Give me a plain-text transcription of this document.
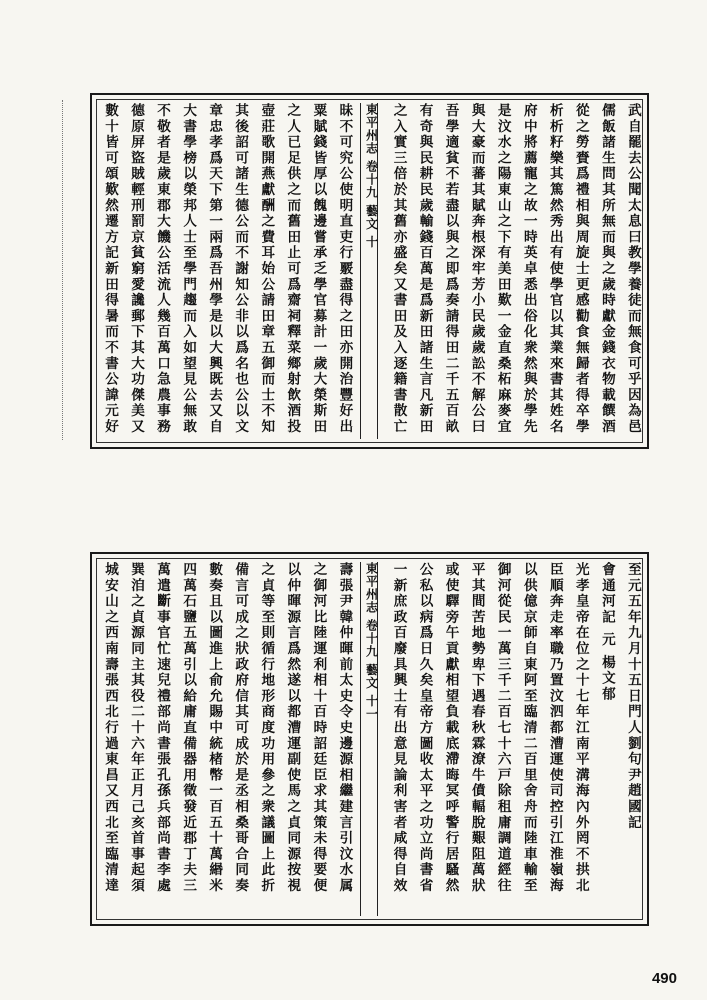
武自罷去公聞太息曰教學養徒而無食可乎因為邑
儒飯諸生問其所無而與之歲時獻金錢衣物載饌酒
從之勞賚爲禮相與周旋士更感勸食無歸者得卒學
析析籽樂其篤然秀出有使學官以其業來書其姓名
府中將薦寵之故一時英卓悉出俗化衆然與於學先
是汶水之陽東山之下有美田歎一金直桑柘麻麥宜
與大豪而蕃其賦奔根深牢芳小民歲歲訟不解公曰
吾學適貧不若盡以與之即爲奏請得田二千五百畝
有奇與民耕民歲輸錢百萬是爲新田諸生言凡新田
之入實三倍於其舊亦盛矣又書田及入逐籍書散亡
東平州志 卷十九 藝文 十
昧不可究公使明直吏行覈盡得之田亦開治豐好出
粟賦錢皆厚以餽邊嘗承乏學官募計一歲大榮斯田
之人已足供之而舊田止可爲齋祠釋菜鄉射飲酒投
壺莊歌開燕獻酬之費耳始公請田章五御而士不知
其後詔可諸生德公而不謝知公非以爲名也公以文
章忠孝爲天下第一兩爲吾州學是以大興既去又自
大書學榜以榮邦人士至學門趨而入如望見公無敢
不敬者是歲東郡大饑公活流人幾百萬口急農事務
德原屏盜賊輕刑罰京貧窮愛讒郵下其大功傑美又
數十皆可頌歎然遷方記新田得暑而不書公諱元好
至元五年九月十五日門人劉句尹趙國記
會通河記 元 楊文郁
光孝皇帝在位之十七年江南平溝海內外罔不拱北
臣順奔走率職乃置汶泗都漕運使司控引江淮嶺海
以供億京師自東阿至臨清二百里舍舟而陸車輸至
御河從民一萬三千二百七十六戸除租庸調道經往
平其間苦地勢卑下遇春秋霖潦牛僨輻脫艱阻萬狀
或使驛旁午貢獻相望負載底滯晦冥呼警行居騷然
公私以病爲日久矣皇帝方圖收太平之功立尚書省
一新庶政百廢具興士有出意見論利害者咸得自效
東平州志 卷十九 藝文 十一
壽張尹韓仲暉前太史令史邊源相繼建言引汶水属
之御河比陸運利相十百時詔廷臣求其策未得要便
以仲暉源言爲然遂以都漕運副使馬之貞同源按視
之貞等至則循行地形商度功用參之衆議圖上此折
備言可成之狀政府信其可成於是丞相桑哥合同奏
數奏且以圖進上俞允賜中統楮幣一百五十萬緡米
四萬石鹽五萬引以給庸直備器用徵發近郡丁夫三
萬遣斷事官忙速兒禮部尚書張孔孫兵部尚書李處
巽洎之貞源同主其役二十六年正月己亥首事起須
城安山之西南壽張西北行過東昌又西北至臨清達
490
